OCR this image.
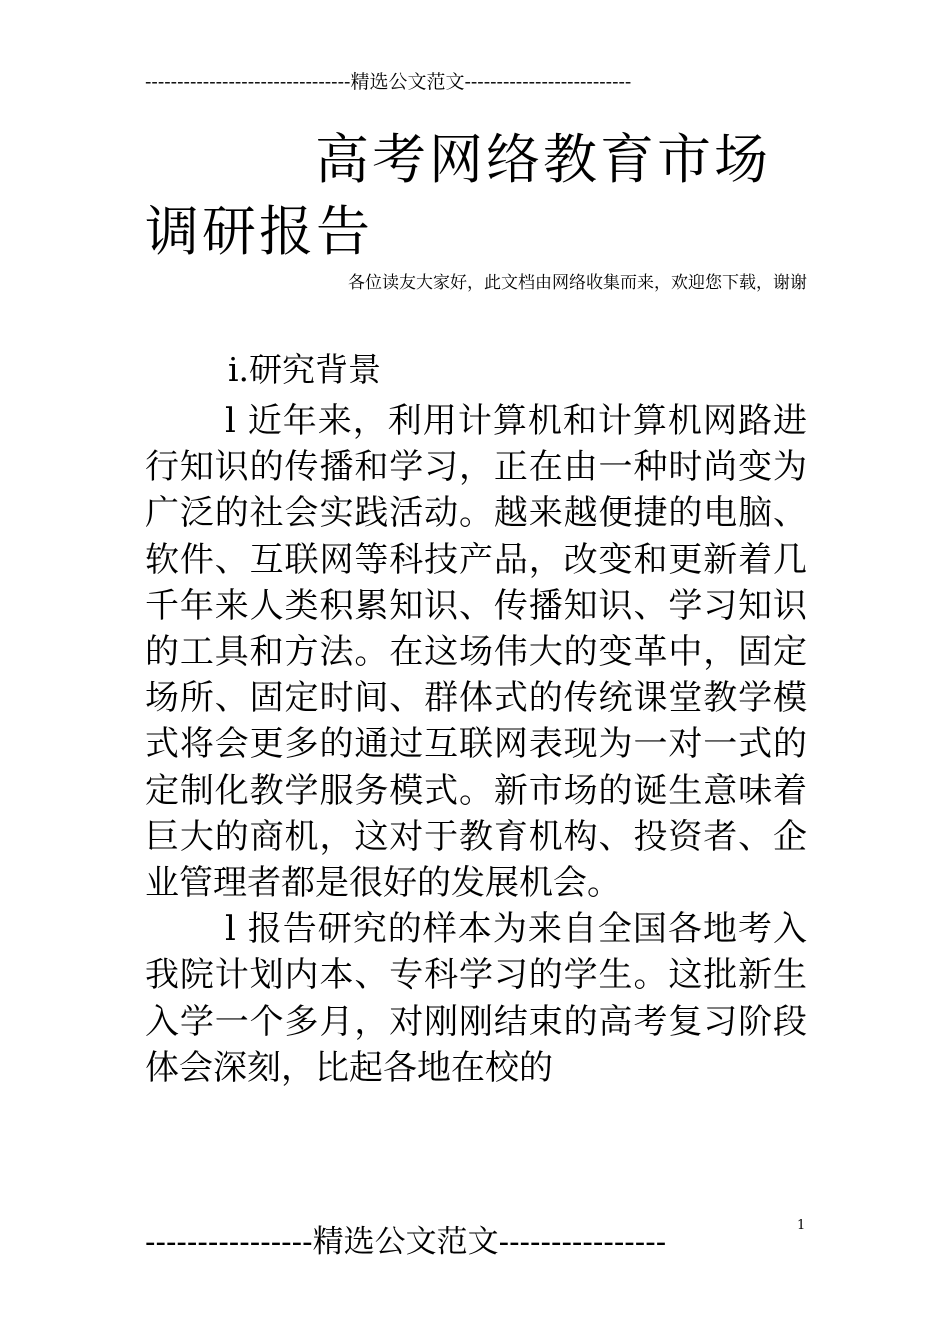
--------------------------------精选公文范文--------------------------
高考网络教育市场
调研报告
各位读友大家好，此文档由网络收集而来，欢迎您下载，谢谢
ⅰ.研究背景

l 近年来，利用计算机和计算机网路进行知识的传播和学习，正在由一种时尚变为广泛的社会实践活动。越来越便捷的电脑、软件、互联网等科技产品，改变和更新着几千年来人类积累知识、传播知识、学习知识的工具和方法。在这场伟大的变革中，固定场所、固定时间、群体式的传统课堂教学模式将会更多的通过互联网表现为一对一式的定制化教学服务模式。新市场的诞生意味着巨大的商机，这对于教育机构、投资者、企业管理者都是很好的发展机会。

l 报告研究的样本为来自全国各地考入我院计划内本、专科学习的学生。这批新生入学一个多月，对刚刚结束的高考复习阶段体会深刻，比起各地在校的

----------------精选公文范文----------------	1
